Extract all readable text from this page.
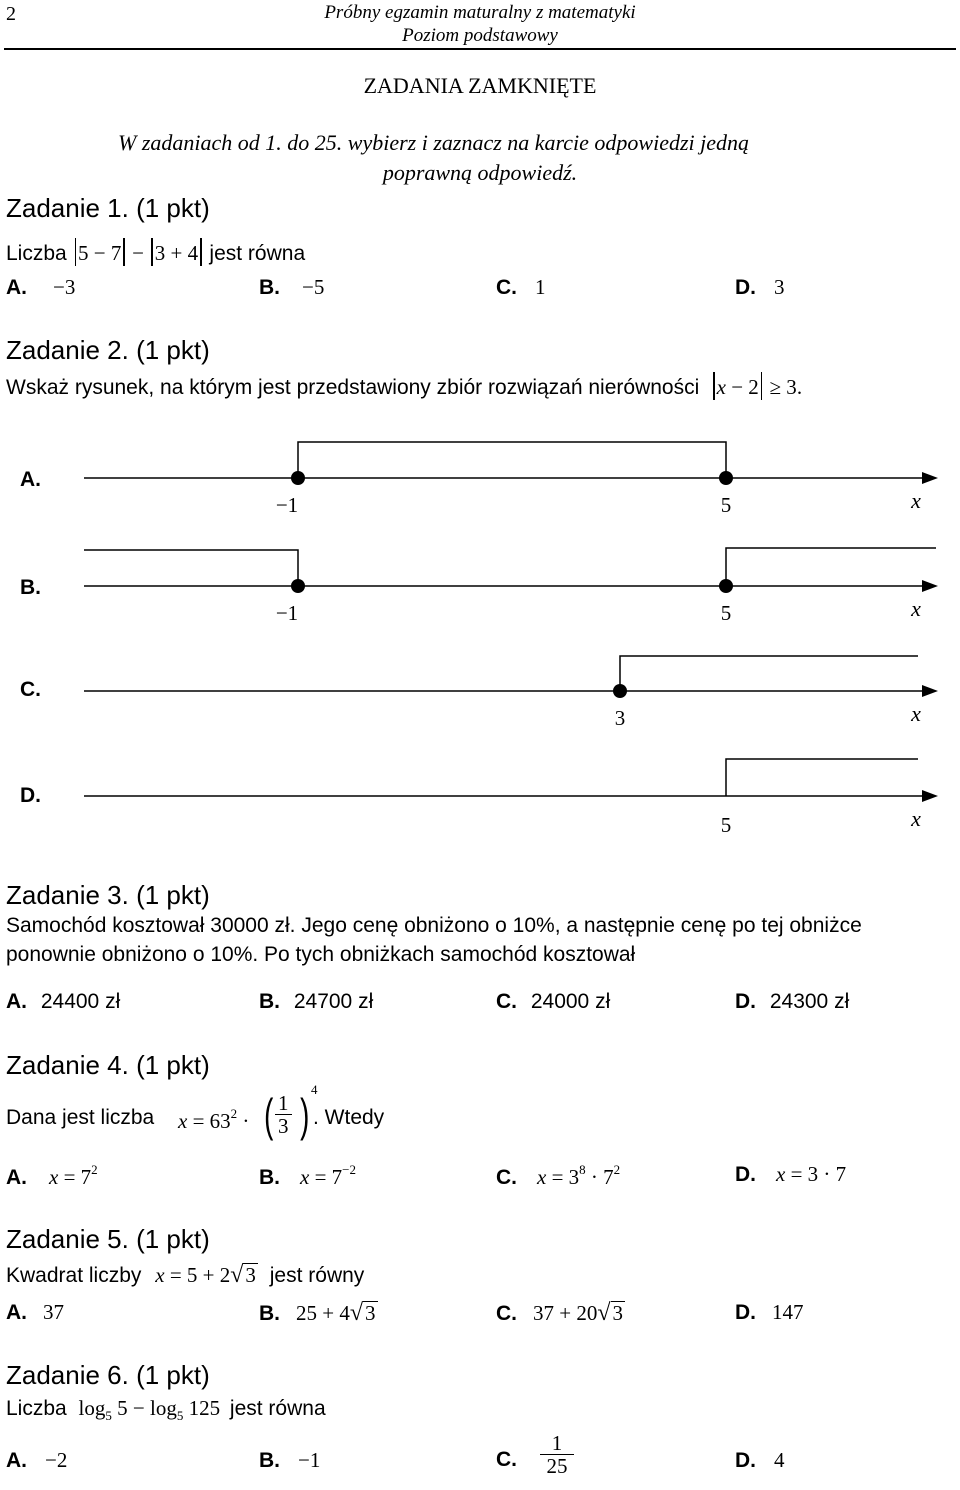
2	Próbny egzamin maturalny z matematyki
Poziom podstawowy
ZADANIA ZAMKNIĘTE
W zadaniach od 1. do 25. wybierz i zaznacz na karcie odpowiedzi jedną
poprawną odpowiedź.
Zadanie 1. (1 pkt)
Liczba 5 − 7 − 3 + 4 jest równa
A. −3	B. −5	C. 1	D. 3
Zadanie 2. (1 pkt)
Wskaż rysunek, na którym jest przedstawiony zbiór rozwiązań nierówności x − 2 ≥ 3.
A.
−1	5	x
B.
−1	5	x
C.
3	x
D.
5	x
Zadanie 3. (1 pkt)
Samochód kosztował 30000 zł. Jego cenę obniżono o 10%, a następnie cenę po tej obniżce
ponownie obniżono o 10%. Po tych obniżkach samochód kosztował
A. 24400 zł	B. 24700 zł	C. 24000 zł	D. 24300 zł
Zadanie 4. (1 pkt)
Dana jest liczba $x = 63^2$ · ( $\frac{1}{3}$ ) 4
. Wtedy
A. $x = 7^2$	B. $x = 7^{-2}$	C. $x = 3^8 \cdot 7^2$	D. x = 3 · 7
Zadanie 5. (1 pkt)
Kwadrat liczby x = 5 + 2√3 jest równy
A. 37	B. 25 + 4√3	C. 37 + 20√3	D. 147
Zadanie 6. (1 pkt)
Liczba $\log_5 5 - \log_5 125$ jest równa
A. −2	B. −1	C. $\frac{1}{25}$	D. 4
